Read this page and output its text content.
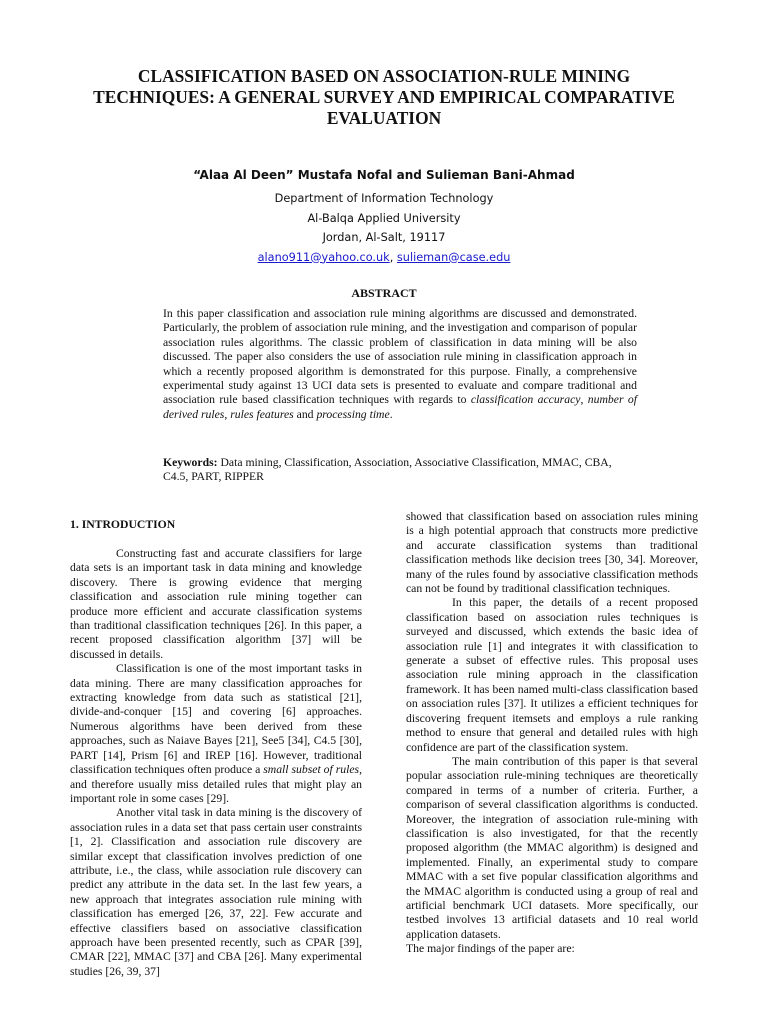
CLASSIFICATION BASED ON ASSOCIATION-RULE MINING
TECHNIQUES: A GENERAL SURVEY AND EMPIRICAL COMPARATIVE
EVALUATION
“Alaa Al Deen” Mustafa Nofal and Sulieman Bani-Ahmad
Department of Information Technology
Al-Balqa Applied University
Jordan, Al-Salt, 19117
alano911@yahoo.co.uk, sulieman@case.edu
ABSTRACT
In this paper classification and association rule mining algorithms are discussed and demonstrated. Particularly, the problem of association rule mining, and the investigation and comparison of popular association rules algorithms. The classic problem of classification in data mining will be also discussed. The paper also considers the use of association rule mining in classification approach in which a recently proposed algorithm is demonstrated for this purpose. Finally, a comprehensive experimental study against 13 UCI data sets is presented to evaluate and compare traditional and association rule based classification techniques with regards to classification accuracy, number of derived rules, rules features and processing time.
Keywords: Data mining, Classification, Association, Associative Classification, MMAC, CBA, C4.5, PART, RIPPER
1. INTRODUCTION

Constructing fast and accurate classifiers for large data sets is an important task in data mining and knowledge discovery. There is growing evidence that merging classification and association rule mining together can produce more efficient and accurate classification systems than traditional classification techniques [26]. In this paper, a recent proposed classification algorithm [37] will be discussed in details.

Classification is one of the most important tasks in data mining. There are many classification approaches for extracting knowledge from data such as statistical [21], divide-and-conquer [15] and covering [6] approaches. Numerous algorithms have been derived from these approaches, such as Naiave Bayes [21], See5 [34], C4.5 [30], PART [14], Prism [6] and IREP [16]. However, traditional classification techniques often produce a small subset of rules, and therefore usually miss detailed rules that might play an important role in some cases [29].

Another vital task in data mining is the discovery of association rules in a data set that pass certain user constraints [1, 2]. Classification and association rule discovery are similar except that classification involves prediction of one attribute, i.e., the class, while association rule discovery can predict any attribute in the data set. In the last few years, a new approach that integrates association rule mining with classification has emerged [26, 37, 22]. Few accurate and effective classifiers based on associative classification approach have been presented recently, such as CPAR [39], CMAR [22], MMAC [37] and CBA [26]. Many experimental studies [26, 39, 37]

showed that classification based on association rules mining is a high potential approach that constructs more predictive and accurate classification systems than traditional classification methods like decision trees [30, 34]. Moreover, many of the rules found by associative classification methods can not be found by traditional classification techniques.

In this paper, the details of a recent proposed classification based on association rules techniques is surveyed and discussed, which extends the basic idea of association rule [1] and integrates it with classification to generate a subset of effective rules. This proposal uses association rule mining approach in the classification framework. It has been named multi-class classification based on association rules [37]. It utilizes a efficient techniques for discovering frequent itemsets and employs a rule ranking method to ensure that general and detailed rules with high confidence are part of the classification system.

The main contribution of this paper is that several popular association rule-mining techniques are theoretically compared in terms of a number of criteria. Further, a comparison of several classification algorithms is conducted. Moreover, the integration of association rule-mining with classification is also investigated, for that the recently proposed algorithm (the MMAC algorithm) is designed and implemented. Finally, an experimental study to compare MMAC with a set five popular classification algorithms and the MMAC algorithm is conducted using a group of real and artificial benchmark UCI datasets. More specifically, our testbed involves 13 artificial datasets and 10 real world application datasets.

The major findings of the paper are:
